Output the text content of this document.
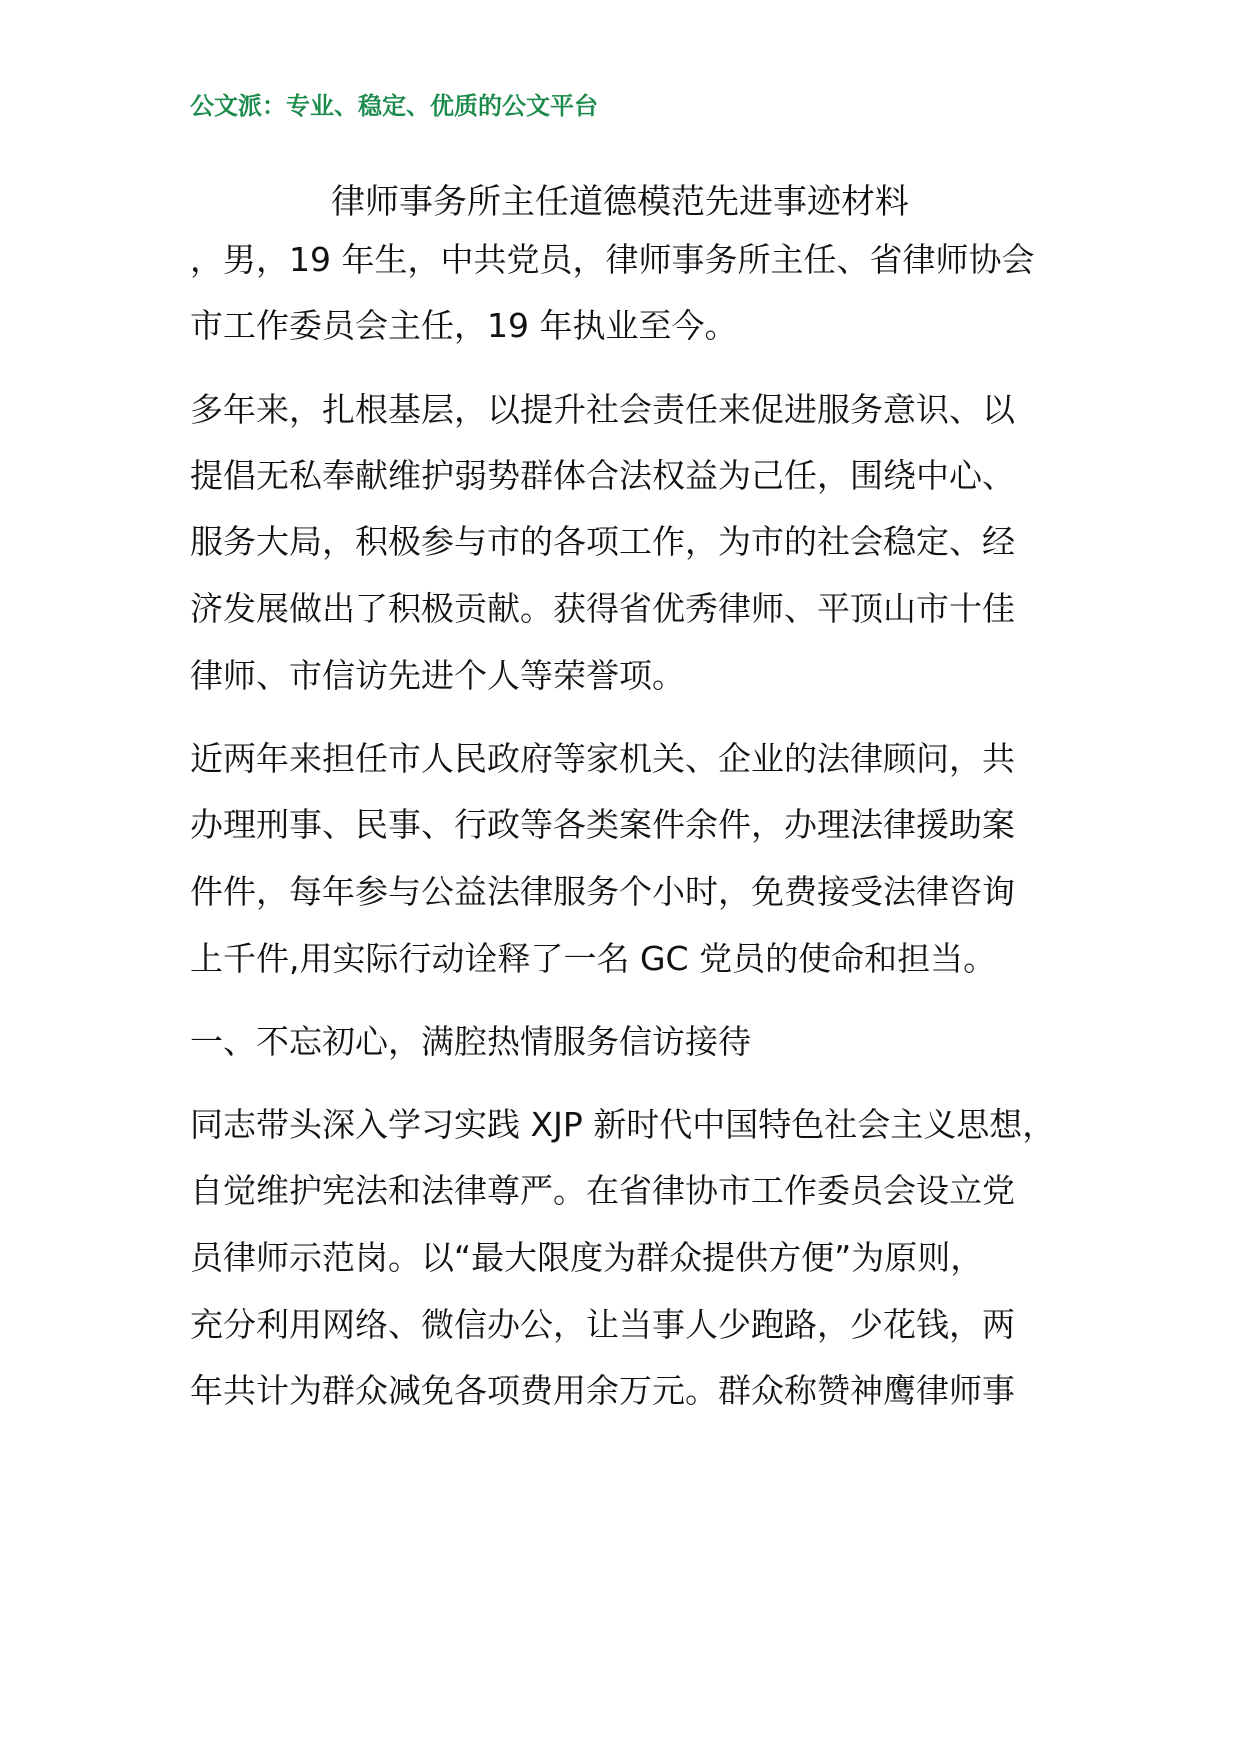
公文派：专业、稳定、优质的公文平台
律师事务所主任道德模范先进事迹材料
，男，19 年生，中共党员，律师事务所主任、省律师协会
市工作委员会主任，19 年执业至今。
多年来，扎根基层，以提升社会责任来促进服务意识、以
提倡无私奉献维护弱势群体合法权益为己任，围绕中心、
服务大局，积极参与市的各项工作，为市的社会稳定、经
济发展做出了积极贡献。获得省优秀律师、平顶山市十佳
律师、市信访先进个人等荣誉项。
近两年来担任市人民政府等家机关、企业的法律顾问，共
办理刑事、民事、行政等各类案件余件，办理法律援助案
件件，每年参与公益法律服务个小时，免费接受法律咨询
上千件,用实际行动诠释了一名 GC 党员的使命和担当。
一、不忘初心，满腔热情服务信访接待
同志带头深入学习实践 XJP 新时代中国特色社会主义思想，
自觉维护宪法和法律尊严。在省律协市工作委员会设立党
员律师示范岗。以“最大限度为群众提供方便”为原则，
充分利用网络、微信办公，让当事人少跑路，少花钱，两
年共计为群众减免各项费用余万元。群众称赞神鹰律师事
